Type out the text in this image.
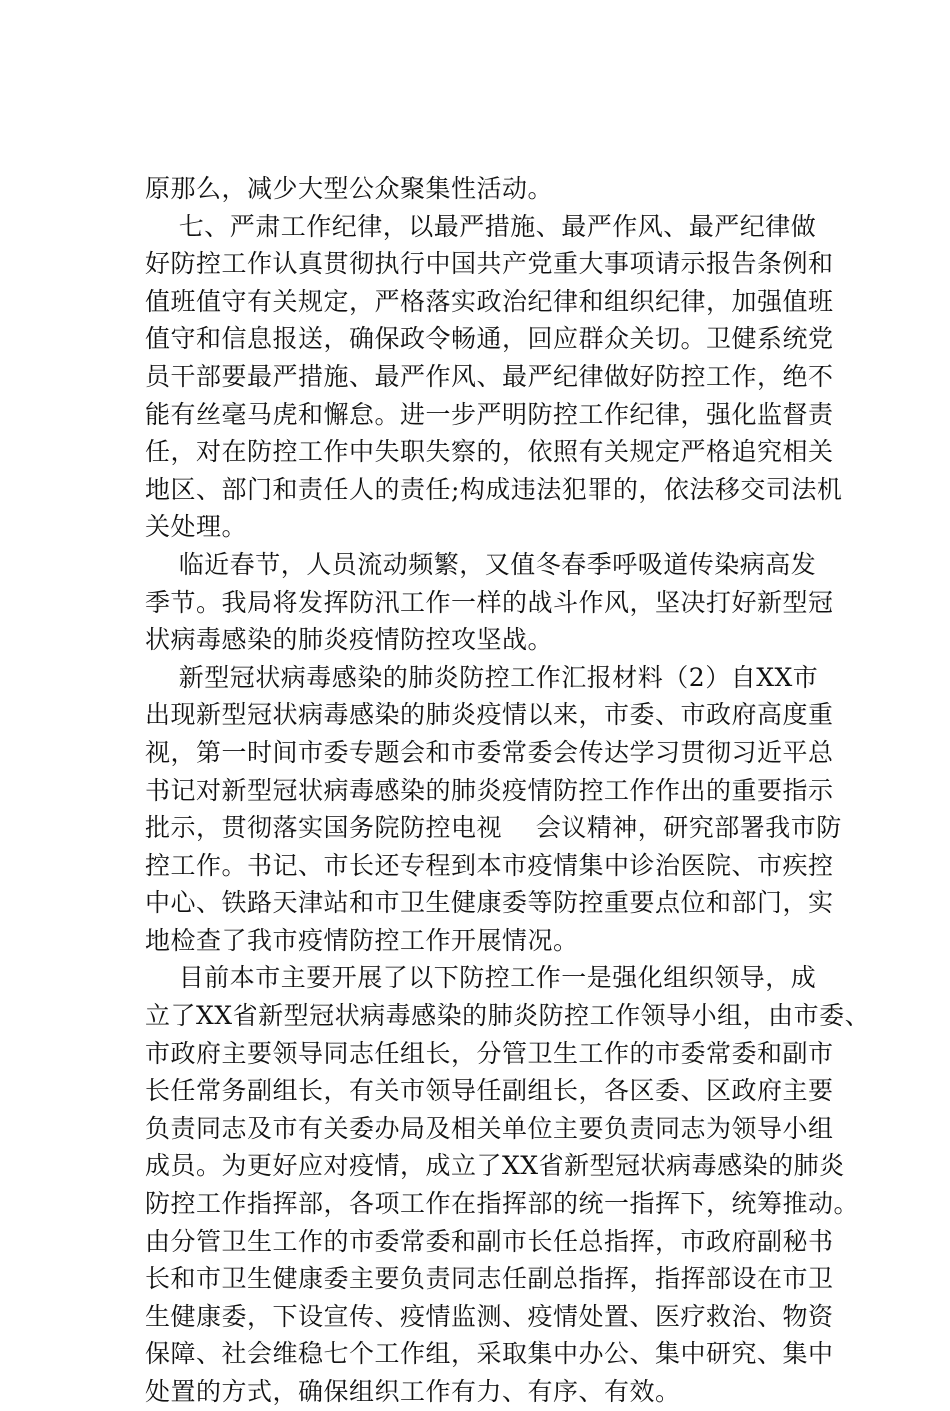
原那么，减少大型公众聚集性活动。
七、严肃工作纪律，以最严措施、最严作风、最严纪律做
好防控工作认真贯彻执行中国共产党重大事项请示报告条例和
值班值守有关规定，严格落实政治纪律和组织纪律，加强值班
值守和信息报送，确保政令畅通，回应群众关切。卫健系统党
员干部要最严措施、最严作风、最严纪律做好防控工作，绝不
能有丝毫马虎和懈怠。进一步严明防控工作纪律，强化监督责
任，对在防控工作中失职失察的，依照有关规定严格追究相关
地区、部门和责任人的责任;构成违法犯罪的，依法移交司法机
关处理。
临近春节，人员流动频繁，又值冬春季呼吸道传染病高发
季节。我局将发挥防汛工作一样的战斗作风，坚决打好新型冠
状病毒感染的肺炎疫情防控攻坚战。
新型冠状病毒感染的肺炎防控工作汇报材料（2）自XX市
出现新型冠状病毒感染的肺炎疫情以来，市委、市政府高度重
视，第一时间市委专题会和市委常委会传达学习贯彻习近平总
书记对新型冠状病毒感染的肺炎疫情防控工作作出的重要指示
批示，贯彻落实国务院防控电视    会议精神，研究部署我市防
控工作。书记、市长还专程到本市疫情集中诊治医院、市疾控
中心、铁路天津站和市卫生健康委等防控重要点位和部门，实
地检查了我市疫情防控工作开展情况。
目前本市主要开展了以下防控工作一是强化组织领导，成
立了XX省新型冠状病毒感染的肺炎防控工作领导小组，由市委、
市政府主要领导同志任组长，分管卫生工作的市委常委和副市
长任常务副组长，有关市领导任副组长，各区委、区政府主要
负责同志及市有关委办局及相关单位主要负责同志为领导小组
成员。为更好应对疫情，成立了XX省新型冠状病毒感染的肺炎
防控工作指挥部，各项工作在指挥部的统一指挥下，统筹推动。
由分管卫生工作的市委常委和副市长任总指挥，市政府副秘书
长和市卫生健康委主要负责同志任副总指挥，指挥部设在市卫
生健康委，下设宣传、疫情监测、疫情处置、医疗救治、物资
保障、社会维稳七个工作组，采取集中办公、集中研究、集中
处置的方式，确保组织工作有力、有序、有效。
